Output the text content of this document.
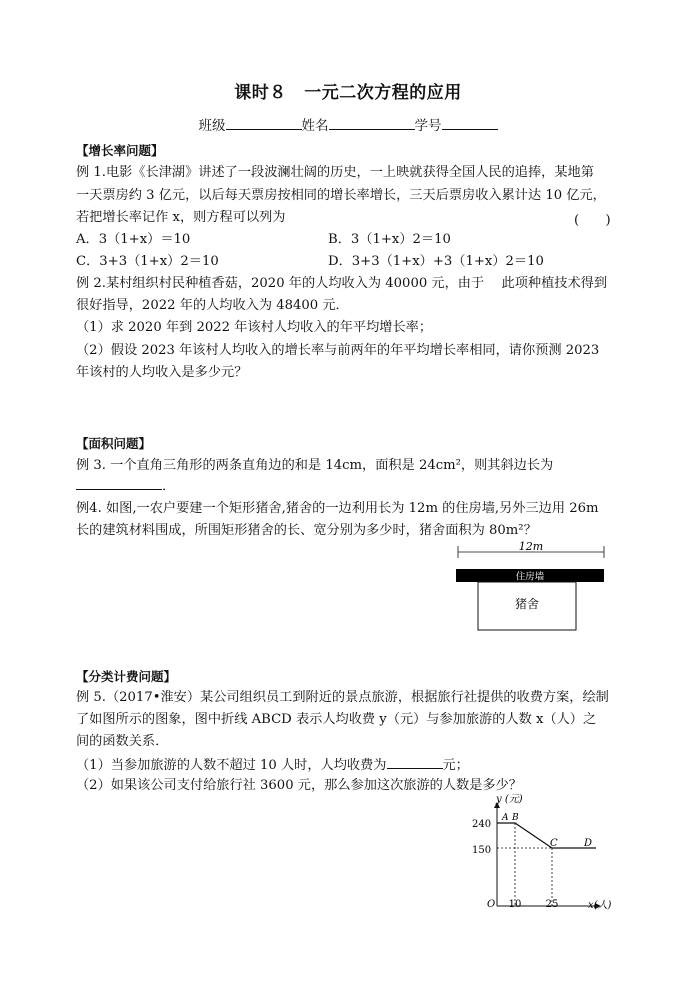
课时８　一元二次方程的应用
班级	姓名	学号
【增长率问题】
例 1.电影《长津湖》讲述了一段波澜壮阔的历史，一上映就获得全国人民的追捧，某地第
一天票房约 3 亿元，以后每天票房按相同的增长率增长，三天后票房收入累计达 10 亿元，
若把增长率记作 x，则方程可以列为	(　　)
A．3（1+x）＝10	B．3（1+x）2＝10
C．3+3（1+x）2＝10	D．3+3（1+x）+3（1+x）2＝10
例 2.某村组织村民种植香菇，2020 年的人均收入为 40000 元，由于　 此项种植技术得到
很好指导，2022 年的人均收入为 48400 元．
（1）求 2020 年到 2022 年该村人均收入的年平均增长率；
（2）假设 2023 年该村人均收入的增长率与前两年的年平均增长率相同，请你预测 2023
年该村的人均收入是多少元？
【面积问题】
例 3. 一个直角三角形的两条直角边的和是 14cm，面积是 24cm²，则其斜边长为
．
例4. 如图,一农户要建一个矩形猪舍,猪舍的一边利用长为 12m 的住房墙,另外三边用 26m
长的建筑材料围成，所围矩形猪舍的长、宽分别为多少时，猪舍面积为 80m²？
12m
住房墙
猪舍
【分类计费问题】
例 5.（2017•淮安）某公司组织员工到附近的景点旅游，根据旅行社提供的收费方案，绘制
了如图所示的图象，图中折线 ABCD 表示人均收费 y（元）与参加旅游的人数 x（人）之
间的函数关系．
（1）当参加旅游的人数不超过 10 人时，人均收费为	元；
（2）如果该公司支付给旅行社 3600 元，那么参加这次旅游的人数是多少？
y (元)
x(人)
O
240
150
10 25
A B
C	D
